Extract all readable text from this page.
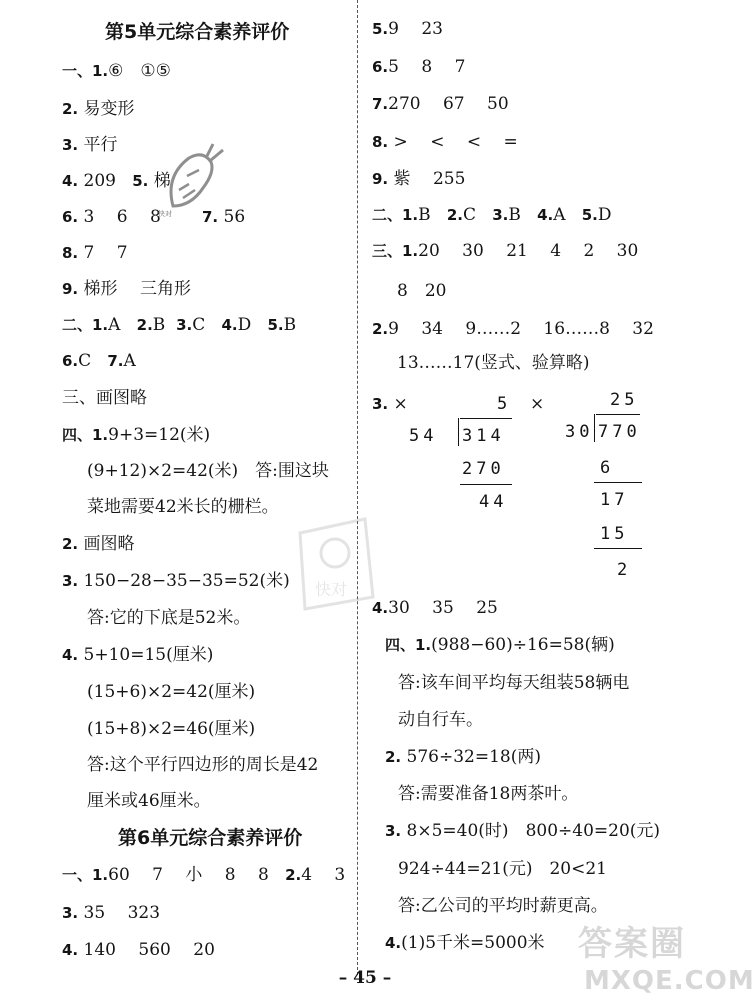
第5单元综合素养评价
一、1.⑥　①⑤
2. 易变形
3. 平行
4. 209 5. 梯
6. 3　 6　 8	7. 56
8. 7　 7
9. 梯形　 三角形
二、1.A 2.B 3.C 4.D 5.B
6.C 7.A
三、画图略
四、1.9+3=12(米)
(9+12)×2=42(米)　答:围这块
菜地需要42米长的栅栏。
2. 画图略
3. 150−28−35−35=52(米)
答:它的下底是52米。
4. 5+10=15(厘米)
(15+6)×2=42(厘米)
(15+8)×2=46(厘米)
答:这个平行四边形的周长是42
厘米或46厘米。
第6单元综合素养评价
一、1.60　 7　 小　 8　 8 2.4　 3
3. 35　 323
4. 140　 560　 20
5.9　 23
6.5　 8　 7
7.270　 67　 50
8. >　 <　 <　 =
9. 紫　 255
二、1.B 2.C 3.B 4.A 5.D
三、1.20　 30　 21　 4　 2　 30
8　20
2.9　 34　 9……2　 16……8　 32
13……17(竖式、验算略)
3. ×	×
5
54 314
270
44
25
30 770
6
17
15
2
4.30　 35　 25
四、1.(988−60)÷16=58(辆)
答:该车间平均每天组装58辆电
动自行车。
2. 576÷32=18(两)
答:需要准备18两茶叶。
3. 8×5=40(时)　800÷40=20(元)
924÷44=21(元)　20<21
答:乙公司的平均时薪更高。
4.(1)5千米=5000米
快对
快对
答案圈
MXQE.COM
– 45 –
